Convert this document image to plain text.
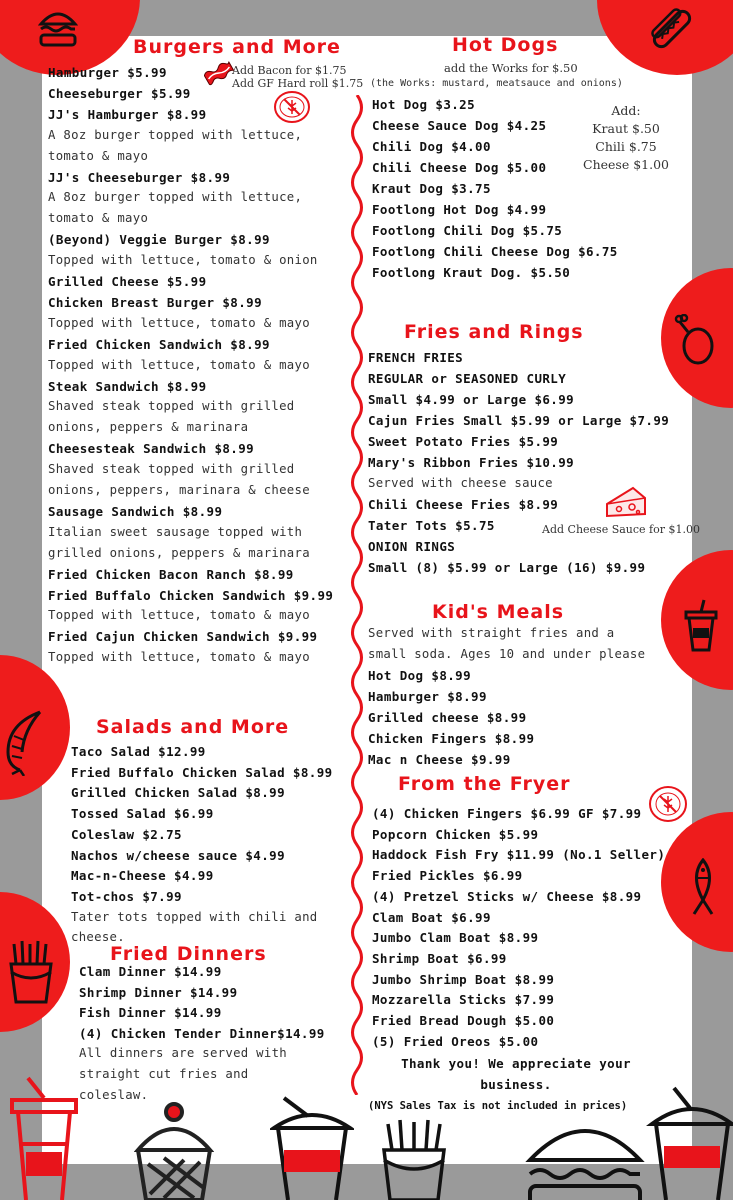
Burgers and More
Salads and More
Fried Dinners
Hot Dogs
Fries and Rings
Kid's Meals
From the Fryer
Hamburger $5.99
Cheeseburger $5.99
JJ's Hamburger $8.99
A 8oz burger topped with lettuce,
tomato & mayo
JJ's Cheeseburger $8.99
A 8oz burger topped with lettuce,
tomato & mayo
(Beyond) Veggie Burger $8.99
Topped with lettuce, tomato & onion
Grilled Cheese $5.99
Chicken Breast Burger $8.99
Topped with lettuce, tomato & mayo
Fried Chicken Sandwich $8.99
Topped with lettuce, tomato & mayo
Steak Sandwich $8.99
Shaved steak topped with grilled
onions, peppers & marinara
Cheesesteak Sandwich $8.99
Shaved steak topped with grilled
onions, peppers, marinara & cheese
Sausage Sandwich $8.99
Italian sweet sausage topped with
grilled onions, peppers & marinara
Fried Chicken Bacon Ranch $8.99
Fried Buffalo Chicken Sandwich $9.99
Topped with lettuce, tomato & mayo
Fried Cajun Chicken Sandwich $9.99
Topped with lettuce, tomato & mayo
Taco Salad $12.99
Fried Buffalo Chicken Salad $8.99
Grilled Chicken Salad $8.99
Tossed Salad $6.99
Coleslaw $2.75
Nachos w/cheese sauce $4.99
Mac-n-Cheese $4.99
Tot-chos $7.99
Tater tots topped with chili and
cheese.
Clam Dinner $14.99
Shrimp Dinner $14.99
Fish Dinner $14.99
(4) Chicken Tender Dinner$14.99
All dinners are served with
straight cut fries and
coleslaw.
Hot Dog $3.25
Cheese Sauce Dog $4.25
Chili Dog $4.00
Chili Cheese Dog $5.00
Kraut Dog $3.75
Footlong Hot Dog $4.99
Footlong Chili Dog $5.75
Footlong Chili Cheese Dog $6.75
Footlong Kraut Dog. $5.50
FRENCH FRIES
REGULAR or SEASONED CURLY
Small $4.99 or Large $6.99
Cajun Fries Small $5.99 or Large $7.99
Sweet Potato Fries $5.99
Mary's Ribbon Fries $10.99
Served with cheese sauce
Chili Cheese Fries $8.99
Tater Tots $5.75
ONION RINGS
Small (8) $5.99 or Large (16) $9.99
Served with straight fries and a
small soda. Ages 10 and under please
Hot Dog $8.99
Hamburger $8.99
Grilled cheese $8.99
Chicken Fingers $8.99
Mac n Cheese $9.99
(4) Chicken Fingers $6.99 GF $7.99
Popcorn Chicken $5.99
Haddock Fish Fry $11.99 (No.1 Seller)
Fried Pickles $6.99
(4) Pretzel Sticks w/ Cheese $8.99
Clam Boat $6.99
Jumbo Clam Boat $8.99
Shrimp Boat $6.99
Jumbo Shrimp Boat $8.99
Mozzarella Sticks $7.99
Fried Bread Dough $5.00
(5) Fried Oreos $5.00
Add Bacon for $1.75
Add GF Hard roll $1.75
add the Works for $.50
(the Works: mustard, meatsauce and onions)
Add:
Kraut $.50
Chili $.75
Cheese $1.00
Add Cheese Sauce for $1.00
Thank you! We appreciate your
business.
(NYS Sales Tax is not included in prices)
